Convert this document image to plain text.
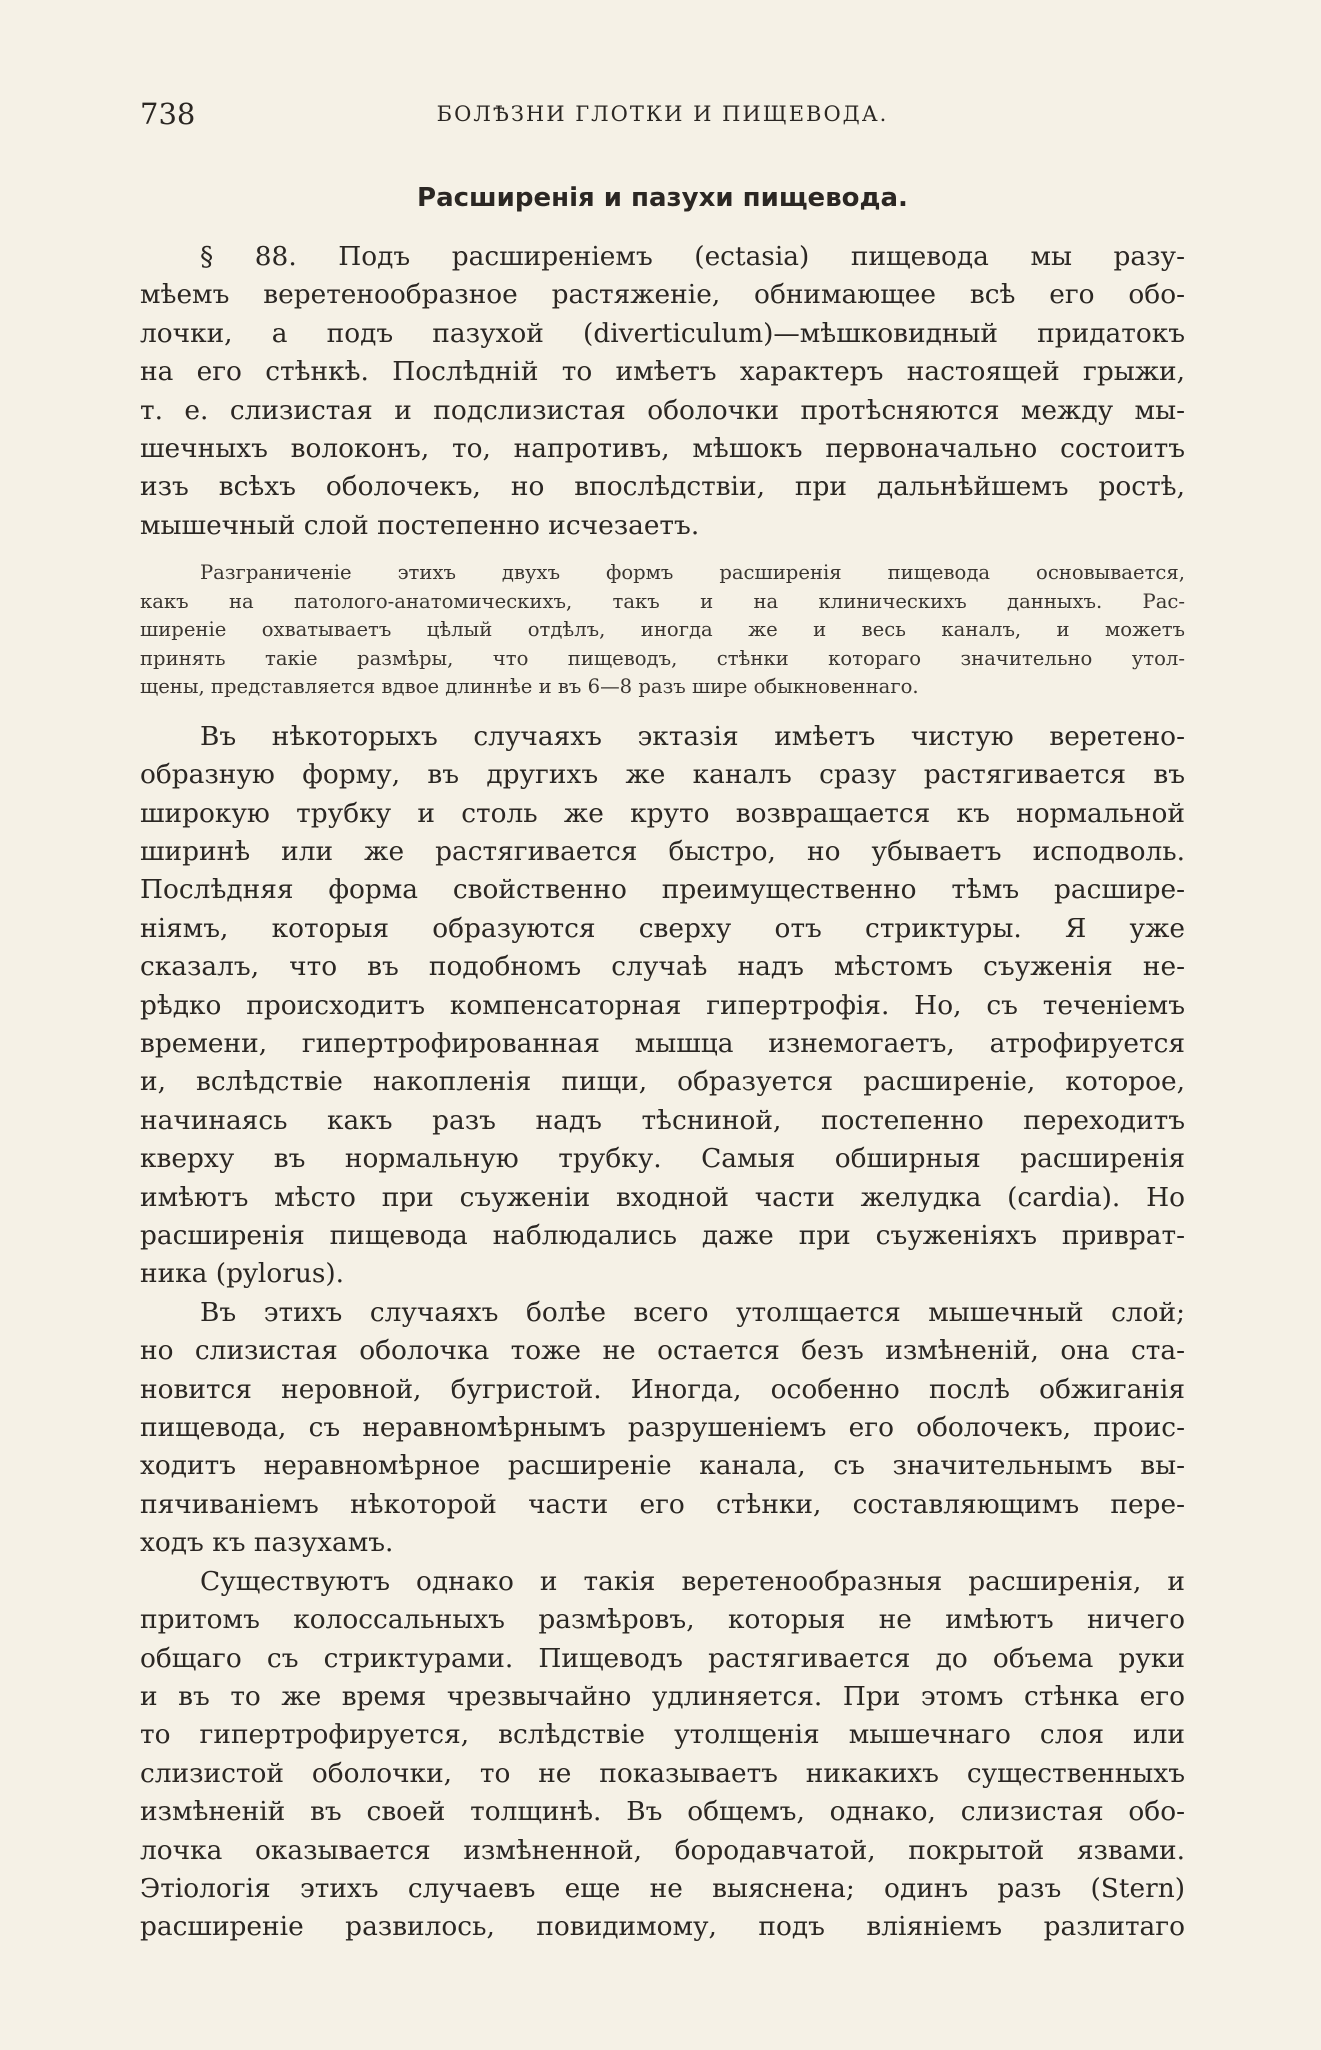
738	БОЛѢЗНИ ГЛОТКИ И ПИЩЕВОДА.
Расширенія и пазухи пищевода.
§ 88. Подъ расширеніемъ (ectasia) пищевода мы разу-
мѣемъ веретенообразное растяженіе, обнимающее всѣ его обо-
лочки, а подъ пазухой (diverticulum)—мѣшковидный придатокъ
на его стѣнкѣ. Послѣдній то имѣетъ характеръ настоящей грыжи,
т. е. слизистая и подслизистая оболочки протѣсняются между мы-
шечныхъ волоконъ, то, напротивъ, мѣшокъ первоначально состоитъ
изъ всѣхъ оболочекъ, но впослѣдствіи, при дальнѣйшемъ ростѣ,
мышечный слой постепенно исчезаетъ.
Разграниченіе этихъ двухъ формъ расширенія пищевода основывается,
какъ на патолого-анатомическихъ, такъ и на клиническихъ данныхъ. Рас-
ширеніе охватываетъ цѣлый отдѣлъ, иногда же и весь каналъ, и можетъ
принять такіе размѣры, что пищеводъ, стѣнки котораго значительно утол-
щены, представляется вдвое длиннѣе и въ 6—8 разъ шире обыкновеннаго.
Въ нѣкоторыхъ случаяхъ эктазія имѣетъ чистую веретено-
образную форму, въ другихъ же каналъ сразу растягивается въ
широкую трубку и столь же круто возвращается къ нормальной
ширинѣ или же растягивается быстро, но убываетъ исподволь.
Послѣдняя форма свойственно преимущественно тѣмъ расшире-
ніямъ, которыя образуются сверху отъ стриктуры. Я уже
сказалъ, что въ подобномъ случаѣ надъ мѣстомъ съуженія не-
рѣдко происходитъ компенсаторная гипертрофія. Но, съ теченіемъ
времени, гипертрофированная мышца изнемогаетъ, атрофируется
и, вслѣдствіе накопленія пищи, образуется расширеніе, которое,
начинаясь какъ разъ надъ тѣсниной, постепенно переходитъ
кверху въ нормальную трубку. Самыя обширныя расширенія
имѣютъ мѣсто при съуженіи входной части желудка (cardia). Но
расширенія пищевода наблюдались даже при съуженіяхъ приврат-
ника (pylorus).
Въ этихъ случаяхъ болѣе всего утолщается мышечный слой;
но слизистая оболочка тоже не остается безъ измѣненій, она ста-
новится неровной, бугристой. Иногда, особенно послѣ обжиганія
пищевода, съ неравномѣрнымъ разрушеніемъ его оболочекъ, проис-
ходитъ неравномѣрное расширеніе канала, съ значительнымъ вы-
пячиваніемъ нѣкоторой части его стѣнки, составляющимъ пере-
ходъ къ пазухамъ.
Существуютъ однако и такія веретенообразныя расширенія, и
притомъ колоссальныхъ размѣровъ, которыя не имѣютъ ничего
общаго съ стриктурами. Пищеводъ растягивается до объема руки
и въ то же время чрезвычайно удлиняется. При этомъ стѣнка его
то гипертрофируется, вслѣдствіе утолщенія мышечнаго слоя или
слизистой оболочки, то не показываетъ никакихъ существенныхъ
измѣненій въ своей толщинѣ. Въ общемъ, однако, слизистая обо-
лочка оказывается измѣненной, бородавчатой, покрытой язвами.
Этіологія этихъ случаевъ еще не выяснена; одинъ разъ (Stern)
расширеніе развилось, повидимому, подъ вліяніемъ разлитаго
